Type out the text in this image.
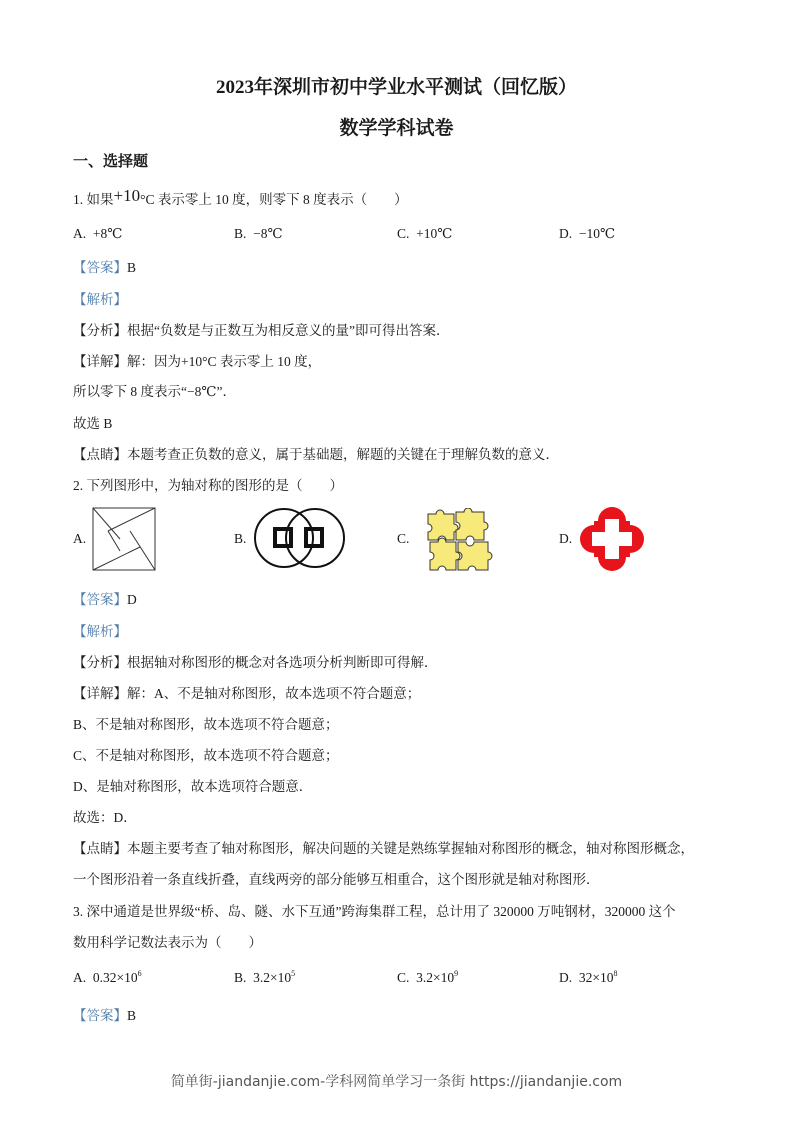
2023年深圳市初中学业水平测试（回忆版）
数学学科试卷
一、选择题
1. 如果+10°C 表示零上 10 度，则零下 8 度表示（　　）
A. +8℃	B. −8℃	C. +10℃	D. −10℃
【答案】B
【解析】
【分析】根据“负数是与正数互为相反意义的量”即可得出答案．
【详解】解：因为+10°C 表示零上 10 度，
所以零下 8 度表示“−8℃”．
故选 B
【点睛】本题考查正负数的意义，属于基础题，解题的关键在于理解负数的意义．
2. 下列图形中，为轴对称的图形的是（　　）
A.	B.	C.	D.
【答案】D
【解析】
【分析】根据轴对称图形的概念对各选项分析判断即可得解．
【详解】解：A、不是轴对称图形，故本选项不符合题意；
B、不是轴对称图形，故本选项不符合题意；
C、不是轴对称图形，故本选项不符合题意；
D、是轴对称图形，故本选项符合题意．
故选：D．
【点睛】本题主要考查了轴对称图形，解决问题的关键是熟练掌握轴对称图形的概念，轴对称图形概念，
一个图形沿着一条直线折叠，直线两旁的部分能够互相重合，这个图形就是轴对称图形．
3. 深中通道是世界级“桥、岛、隧、水下互通”跨海集群工程，总计用了 320000 万吨钢材，320000 这个
数用科学记数法表示为（　　）
A. $0.32\times 10^6$	B. $3.2\times 10^5$	C. $3.2\times 10^9$	D. $32\times 10^8$
【答案】B
简单街-jiandanjie.com-学科网简单学习一条街 https://jiandanjie.com
